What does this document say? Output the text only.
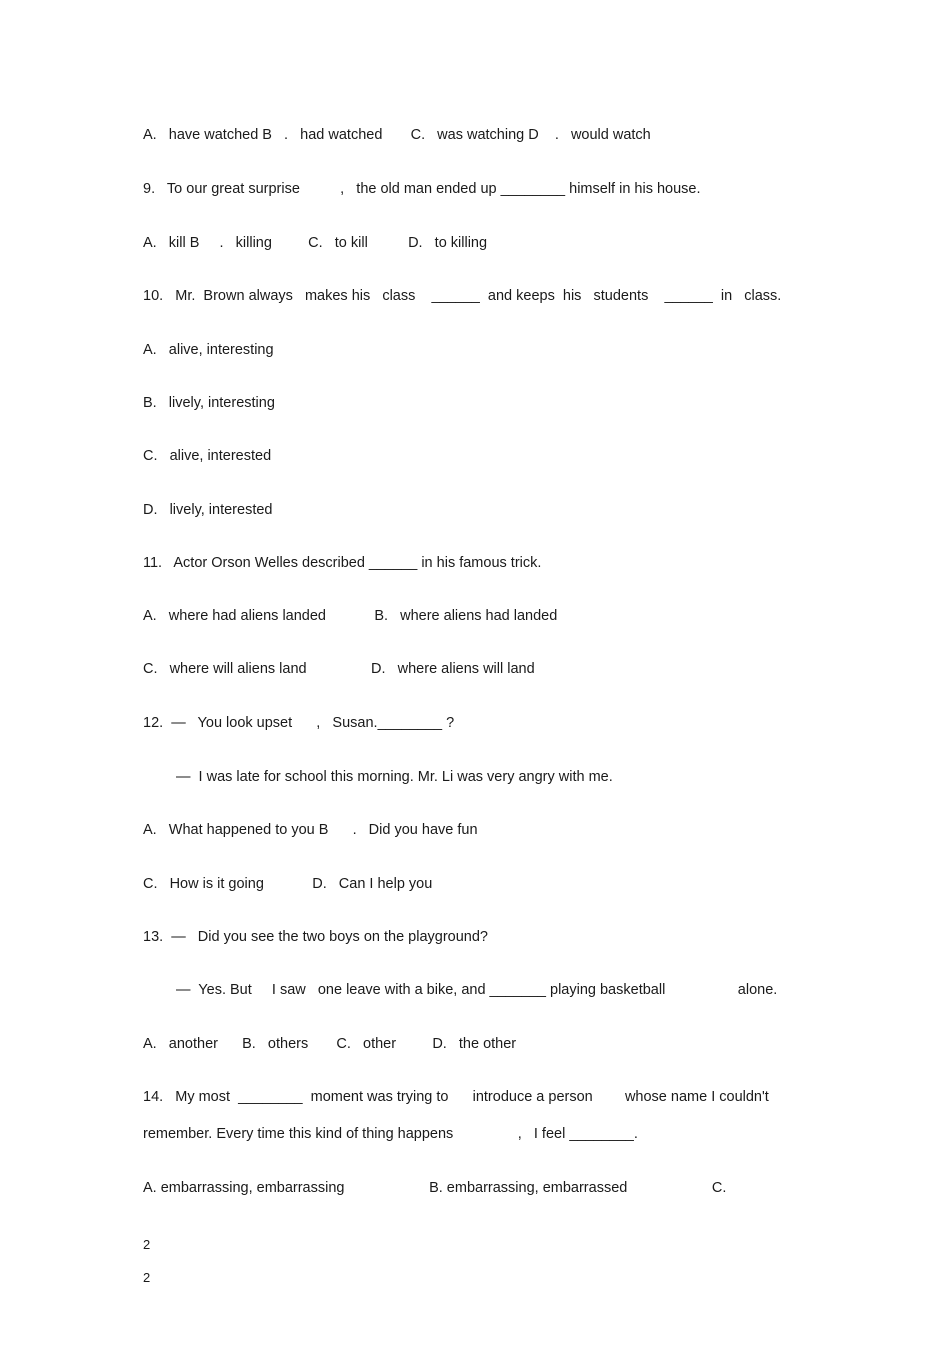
A.   have watched B   .   had watched       C.   was watching D    .   would watch
9.   To our great surprise          ,   the old man ended up ________ himself in his house.
A.   kill B     .   killing         C.   to kill          D.   to killing
10.   Mr.  Brown always   makes his   class    ______  and keeps  his   students    ______  in   class.
A.   alive, interesting
B.   lively, interesting
C.   alive, interested
D.   lively, interested
11.   Actor Orson Welles described ______ in his famous trick.
A.   where had aliens landed            B.   where aliens had landed
C.   where will aliens land                D.   where aliens will land
12.  —   You look upset      ,   Susan.________ ?
—  I was late for school this morning. Mr. Li was very angry with me.
A.   What happened to you B      .   Did you have fun
C.   How is it going            D.   Can I help you
13.  —   Did you see the two boys on the playground?
—  Yes. But     I saw   one leave with a bike, and _______ playing basketball                  alone.
A.   another      B.   others       C.   other         D.   the other
14.   My most  ________  moment was trying to      introduce a person        whose name I couldn't
remember. Every time this kind of thing happens                ,   I feel ________.
A. embarrassing, embarrassing                     B. embarrassing, embarrassed                     C.
2
2
